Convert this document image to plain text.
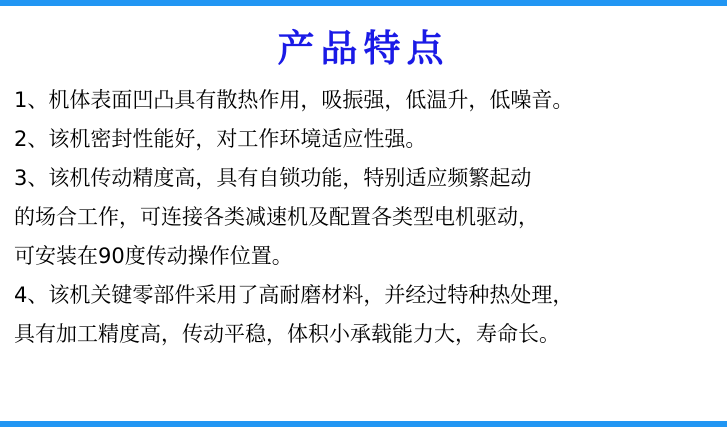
产品特点
1、机体表面凹凸具有散热作用，吸振强，低温升，低噪音。
2、该机密封性能好，对工作环境适应性强。
3、该机传动精度高，具有自锁功能，特别适应频繁起动
的场合工作，可连接各类减速机及配置各类型电机驱动，
可安装在90度传动操作位置。
4、该机关键零部件采用了高耐磨材料，并经过特种热处理，
具有加工精度高，传动平稳，体积小承载能力大，寿命长。
